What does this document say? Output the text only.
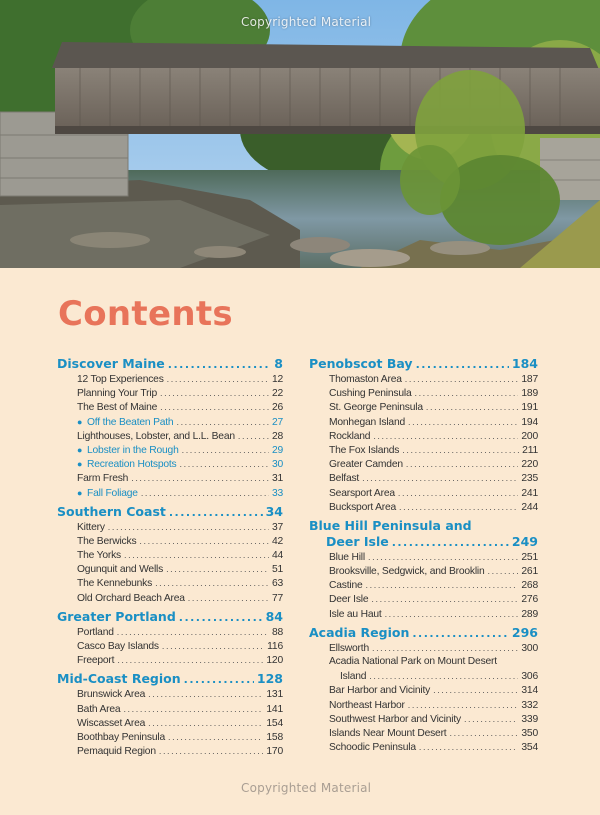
Copyrighted Material
Contents
Discover Maine .....	8
12 Top Experiences .....	12
Planning Your Trip .....	22
The Best of Maine .....	26
● Off the Beaten Path .....	27
Lighthouses, Lobster, and L.L. Bean .....	28
● Lobster in the Rough .....	29
● Recreation Hotspots .....	30
Farm Fresh .....	31
● Fall Foliage .....	33
Southern Coast .....	34
Kittery .....	37
The Berwicks .....	42
The Yorks .....	44
Ogunquit and Wells .....	51
The Kennebunks .....	63
Old Orchard Beach Area .....	77
Greater Portland .....	84
Portland .....	88
Casco Bay Islands .....	116
Freeport .....	120
Mid-Coast Region .....	128
Brunswick Area .....	131
Bath Area .....	141
Wiscasset Area .....	154
Boothbay Peninsula .....	158
Pemaquid Region .....	170
Penobscot Bay .....	184
Thomaston Area .....	187
Cushing Peninsula .....	189
St. George Peninsula .....	191
Monhegan Island .....	194
Rockland .....	200
The Fox Islands .....	211
Greater Camden .....	220
Belfast .....	235
Searsport Area .....	241
Bucksport Area .....	244
Blue Hill Peninsula and
Deer Isle .....	249
Blue Hill .....	251
Brooksville, Sedgwick, and Brooklin .....	261
Castine .....	268
Deer Isle .....	276
Isle au Haut .....	289
Acadia Region .....	296
Ellsworth .....	300
Acadia National Park on Mount Desert
Island .....	306
Bar Harbor and Vicinity .....	314
Northeast Harbor .....	332
Southwest Harbor and Vicinity .....	339
Islands Near Mount Desert .....	350
Schoodic Peninsula .....	354
Copyrighted Material
